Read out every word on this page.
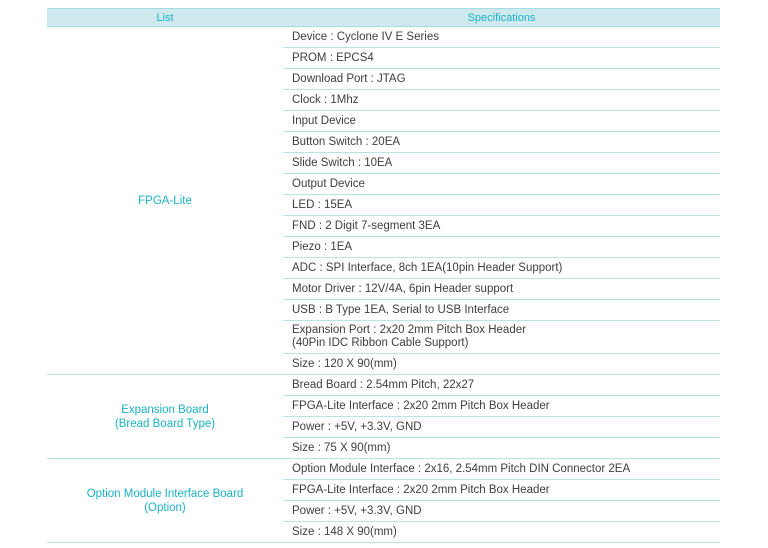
List	Specifications
FPGA-Lite
Device : Cyclone IV E Series
PROM : EPCS4
Download Port : JTAG
Clock : 1Mhz
Input Device
Button Switch : 20EA
Slide Switch : 10EA
Output Device
LED : 15EA
FND : 2 Digit 7-segment 3EA
Piezo : 1EA
ADC : SPI Interface, 8ch 1EA(10pin Header Support)
Motor Driver : 12V/4A, 6pin Header support
USB : B Type 1EA, Serial to USB Interface
Expansion Port : 2x20 2mm Pitch Box Header
(40Pin IDC Ribbon Cable Support)
Size : 120 X 90(mm)
Expansion Board
(Bread Board Type)
Bread Board : 2.54mm Pitch, 22x27
FPGA-Lite Interface : 2x20 2mm Pitch Box Header
Power : +5V, +3.3V, GND
Size : 75 X 90(mm)
Option Module Interface Board
(Option)
Option Module Interface : 2x16, 2.54mm Pitch DIN Connector 2EA
FPGA-Lite Interface : 2x20 2mm Pitch Box Header
Power : +5V, +3.3V, GND
Size : 148 X 90(mm)
